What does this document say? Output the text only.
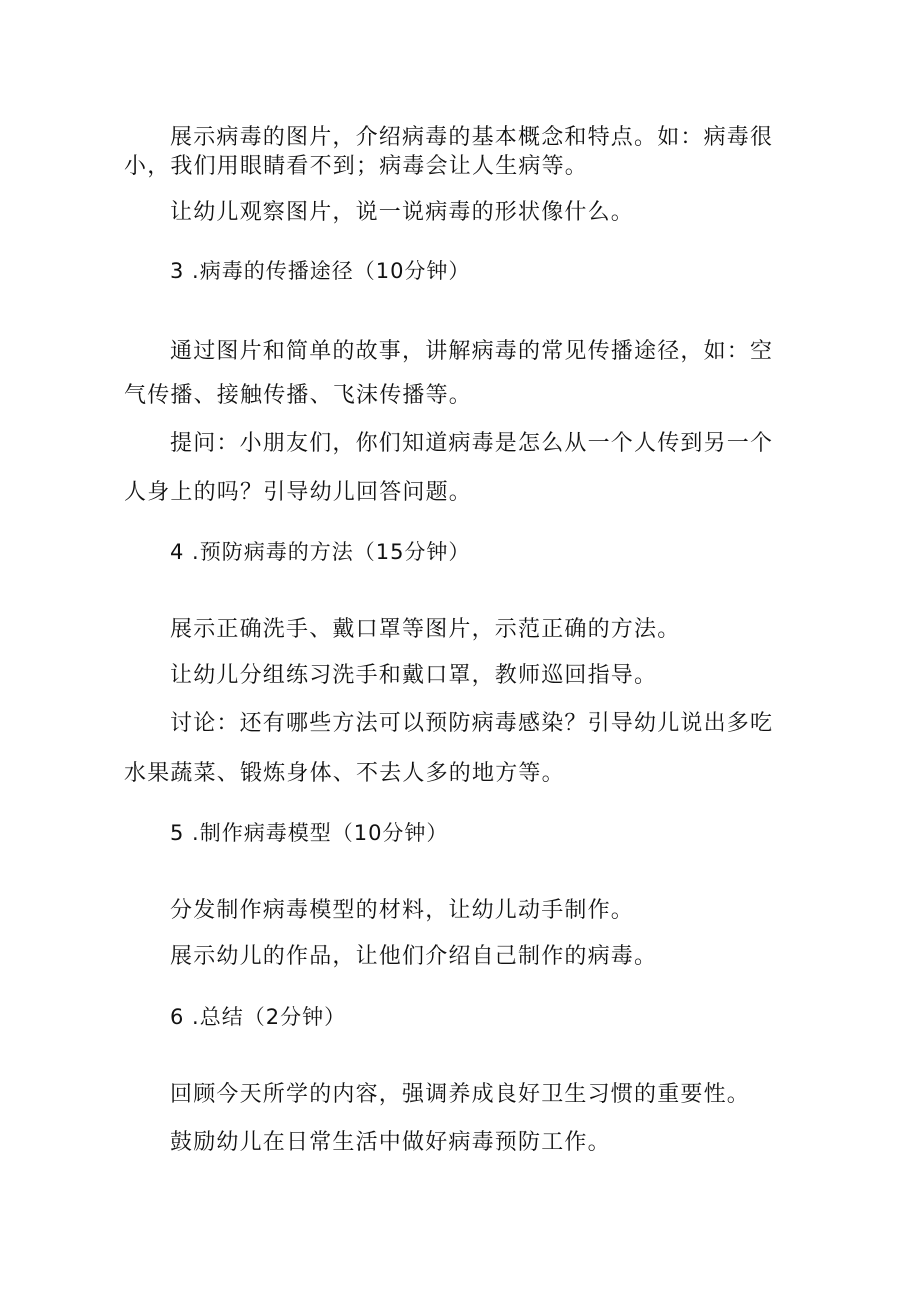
展示病毒的图片，介绍病毒的基本概念和特点。如：病毒很
小，我们用眼睛看不到；病毒会让人生病等。
让幼儿观察图片，说一说病毒的形状像什么。
3 .病毒的传播途径（10分钟）
通过图片和简单的故事，讲解病毒的常见传播途径，如：空
气传播、接触传播、飞沫传播等。
提问：小朋友们，你们知道病毒是怎么从一个人传到另一个
人身上的吗？引导幼儿回答问题。
4 .预防病毒的方法（15分钟）
展示正确洗手、戴口罩等图片，示范正确的方法。
让幼儿分组练习洗手和戴口罩，教师巡回指导。
讨论：还有哪些方法可以预防病毒感染？引导幼儿说出多吃
水果蔬菜、锻炼身体、不去人多的地方等。
5 .制作病毒模型（10分钟）
分发制作病毒模型的材料，让幼儿动手制作。
展示幼儿的作品，让他们介绍自己制作的病毒。
6 .总结（2分钟）
回顾今天所学的内容，强调养成良好卫生习惯的重要性。
鼓励幼儿在日常生活中做好病毒预防工作。
